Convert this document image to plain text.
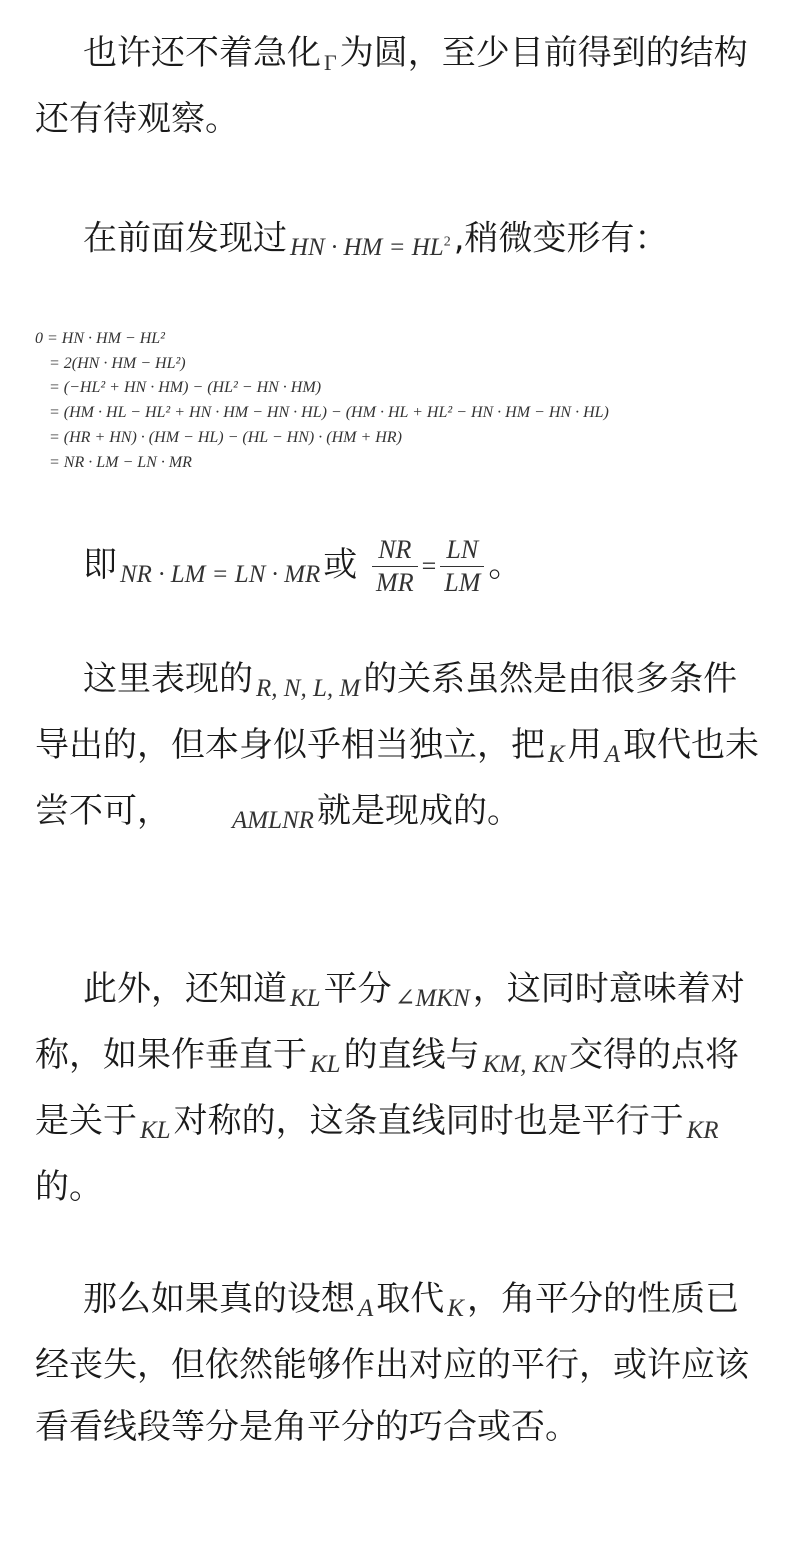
也许还不着急化 Γ为圆，至少目前得到的结构还有待观察。

在前面发现过 HN · HM = $HL^2$,稍微变形有：

0 = HN · HM − HL²
= 2(HN · HM − HL²)
= (−HL² + HN · HM) − (HL² − HN · HM)
= (HM · HL − HL² + HN · HM − HN · HL) − (HM · HL + HL² − HN · HM − HN · HL)
= (HR + HN) · (HM − HL) − (HL − HN) · (HM + HR)
= NR · LM − LN · MR

即 NR · LM = LN · MR或 $\frac{NR}{MR} = \frac{LN}{LM}$ 。

这里表现的 R, N, L, M的关系虽然是由很多条件导出的，但本身似乎相当独立，把 K用 A取代也未尝不可， AMLNR就是现成的。

此外，还知道 KL平分 ∠MKN，这同时意味着对称，如果作垂直于 KL的直线与 KM, KN交得的点将是关于 KL对称的，这条直线同时也是平行于 KR的。

那么如果真的设想 A取代 K，角平分的性质已经丧失，但依然能够作出对应的平行，或许应该看看线段等分是角平分的巧合或否。
